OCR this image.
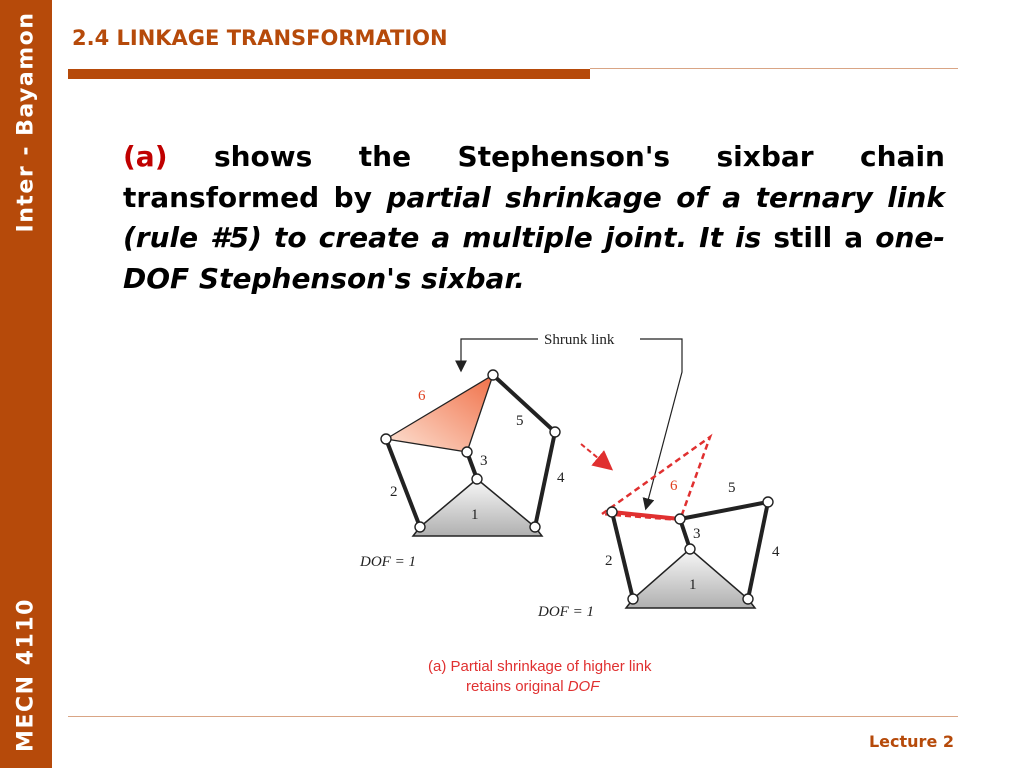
Inter - Bayamon
MECN 4110
2.4 LINKAGE TRANSFORMATION
(a) shows the Stephenson's sixbar chain transformed by partial shrinkage of a ternary link (rule #5) to create a multiple joint. It is still a one-DOF Stephenson's sixbar.
Shrunk link
6
5
3
4
2
1
DOF = 1
6	5
3
4
2
1
DOF = 1
(a) Partial shrinkage of higher link
retains original DOF
Lecture 2
